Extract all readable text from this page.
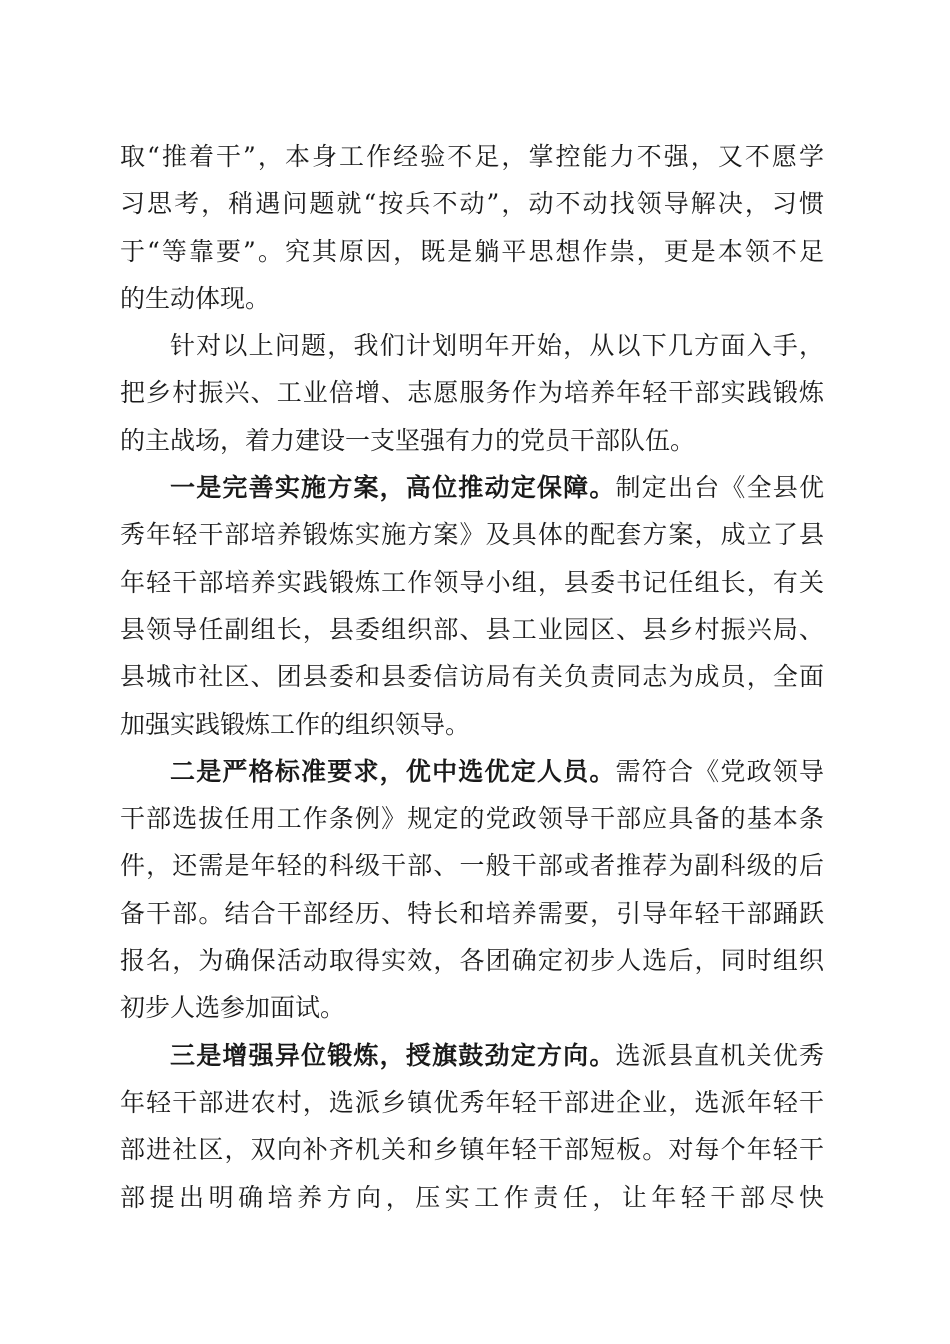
取“推着干”，本身工作经验不足，掌控能力不强，又不愿学
习思考，稍遇问题就“按兵不动”，动不动找领导解决，习惯
于“等靠要”。究其原因，既是躺平思想作祟，更是本领不足
的生动体现。
针对以上问题，我们计划明年开始，从以下几方面入手，
把乡村振兴、工业倍增、志愿服务作为培养年轻干部实践锻炼
的主战场，着力建设一支坚强有力的党员干部队伍。
一是完善实施方案，高位推动定保障。制定出台《全县优
秀年轻干部培养锻炼实施方案》及具体的配套方案，成立了县
年轻干部培养实践锻炼工作领导小组，县委书记任组长，有关
县领导任副组长，县委组织部、县工业园区、县乡村振兴局、
县城市社区、团县委和县委信访局有关负责同志为成员，全面
加强实践锻炼工作的组织领导。
二是严格标准要求，优中选优定人员。需符合《党政领导
干部选拔任用工作条例》规定的党政领导干部应具备的基本条
件，还需是年轻的科级干部、一般干部或者推荐为副科级的后
备干部。结合干部经历、特长和培养需要，引导年轻干部踊跃
报名，为确保活动取得实效，各团确定初步人选后，同时组织
初步人选参加面试。
三是增强异位锻炼，授旗鼓劲定方向。选派县直机关优秀
年轻干部进农村，选派乡镇优秀年轻干部进企业，选派年轻干
部进社区，双向补齐机关和乡镇年轻干部短板。对每个年轻干
部提出明确培养方向，压实工作责任，让年轻干部尽快
